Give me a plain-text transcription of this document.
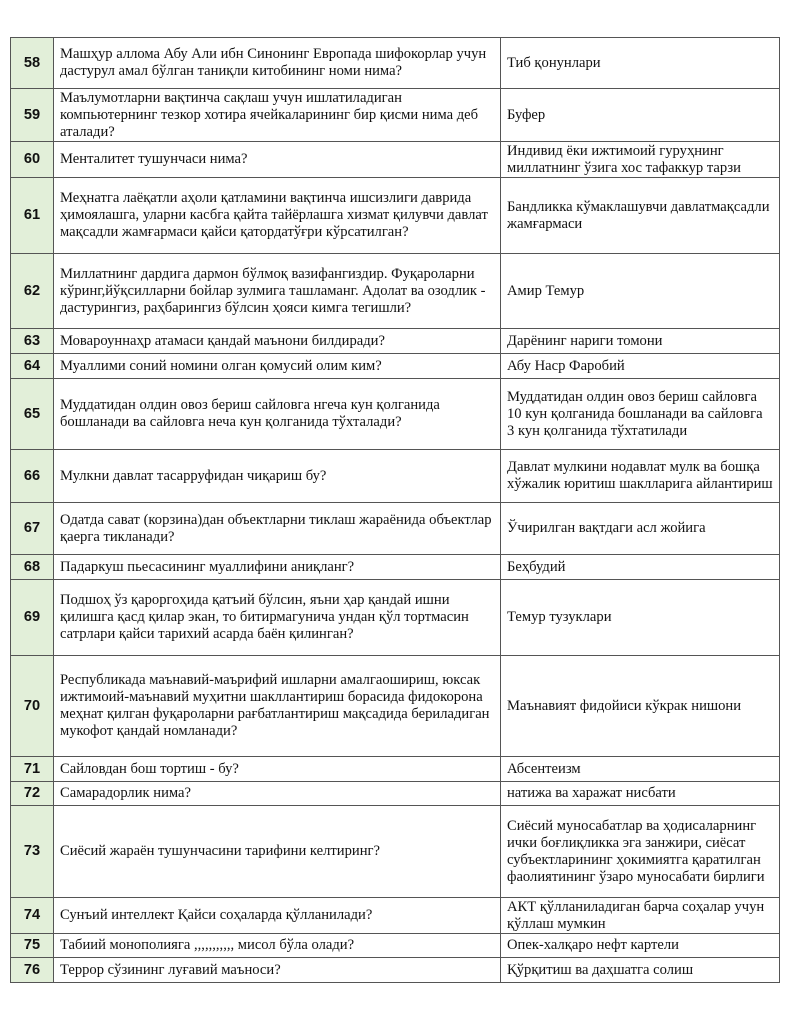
58	Машҳур аллома Абу Али ибн Синонинг Европада шифокорлар учун дастурул амал бўлган таниқли китобининг номи нима?	Тиб қонунлари
59	Маълумотларни вақтинча сақлаш учун ишлатиладиган компьютернинг тезкор хотира ячейкаларининг бир қисми нима деб аталади?	Буфер
60	Менталитет тушунчаси нима?	Индивид ёки ижтимоий гуруҳнинг миллатнинг ўзига хос тафаккур тарзи
61	Меҳнатга лаёқатли аҳоли қатламини вақтинча ишсизлиги даврида ҳимоялашга, уларни касбга қайта тайёрлашга хизмат қилувчи давлат мақсадли жамғармаси қайси қатордатўғри кўрсатилган?	Бандликка кўмаклашувчи давлатмақсадли жамғармаси
62	Миллатнинг дардига дармон бўлмоқ вазифангиздир. Фуқароларни кўринг,йўқсилларни бойлар зулмига ташламанг. Адолат ва озодлик - дастурингиз, раҳбарингиз бўлсин ҳояси кимга тегишли?	Амир Темур
63	Мовароуннаҳр атамаси қандай маънони билдиради?	Дарёнинг нариги томони
64	Муаллими соний номини олган қомусий олим ким?	Абу Наср Фаробий
65	Муддатидан олдин овоз бериш сайловга нгеча кун қолганида бошланади ва сайловга неча кун қолганида тўхталади?	Муддатидан олдин овоз бериш сайловга 10 кун қолганида бошланади ва сайловга 3 кун қолганида тўхтатилади
66	Мулкни давлат тасарруфидан чиқариш бу?	Давлат мулкини нодавлат мулк ва бошқа хўжалик юритиш шаклларига айлантириш
67	Одатда сават (корзина)дан объектларни тиклаш жараёнида объектлар қаерга тикланади?	Ўчирилган вақтдаги асл жойига
68	Падаркуш пьесасининг муаллифини аниқланг?	Беҳбудий
69	Подшоҳ ўз қароргоҳида қатъий бўлсин, яъни ҳар қандай ишни қилишга қасд қилар экан, то битирмагунича ундан қўл тортмасин сатрлари қайси тарихий асарда баён қилинган?	Темур тузуклари
70	Республикада маънавий-маърифий ишларни амалгаошириш, юксак ижтимоий-маънавий муҳитни шакллантириш борасида фидокорона меҳнат қилган фуқароларни рағбатлантириш мақсадида бериладиган мукофот қандай номланади?	Маънавият фидойиси кўкрак нишони
71	Сайловдан бош тортиш - бу?	Абсентеизм
72	Самарадорлик нима?	натижа ва харажат нисбати
73	Сиёсий жараён тушунчасини тарифини келтиринг?	Сиёсий муносабатлар ва ҳодисаларнинг ички боғлиқликка эга занжири, сиёсат субъектларининг ҳокимиятга қаратилган фаолиятининг ўзаро муносабати бирлиги
74	Сунъий интеллект Қайси соҳаларда қўлланилади?	АКТ қўлланиладиган барча соҳалар учун қўллаш мумкин
75	Табиий монополияга ,,,,,,,,,,, мисол бўла олади?	Опек-халқаро нефт картели
76	Террор сўзининг луғавий маъноси?	Қўрқитиш ва даҳшатга солиш
